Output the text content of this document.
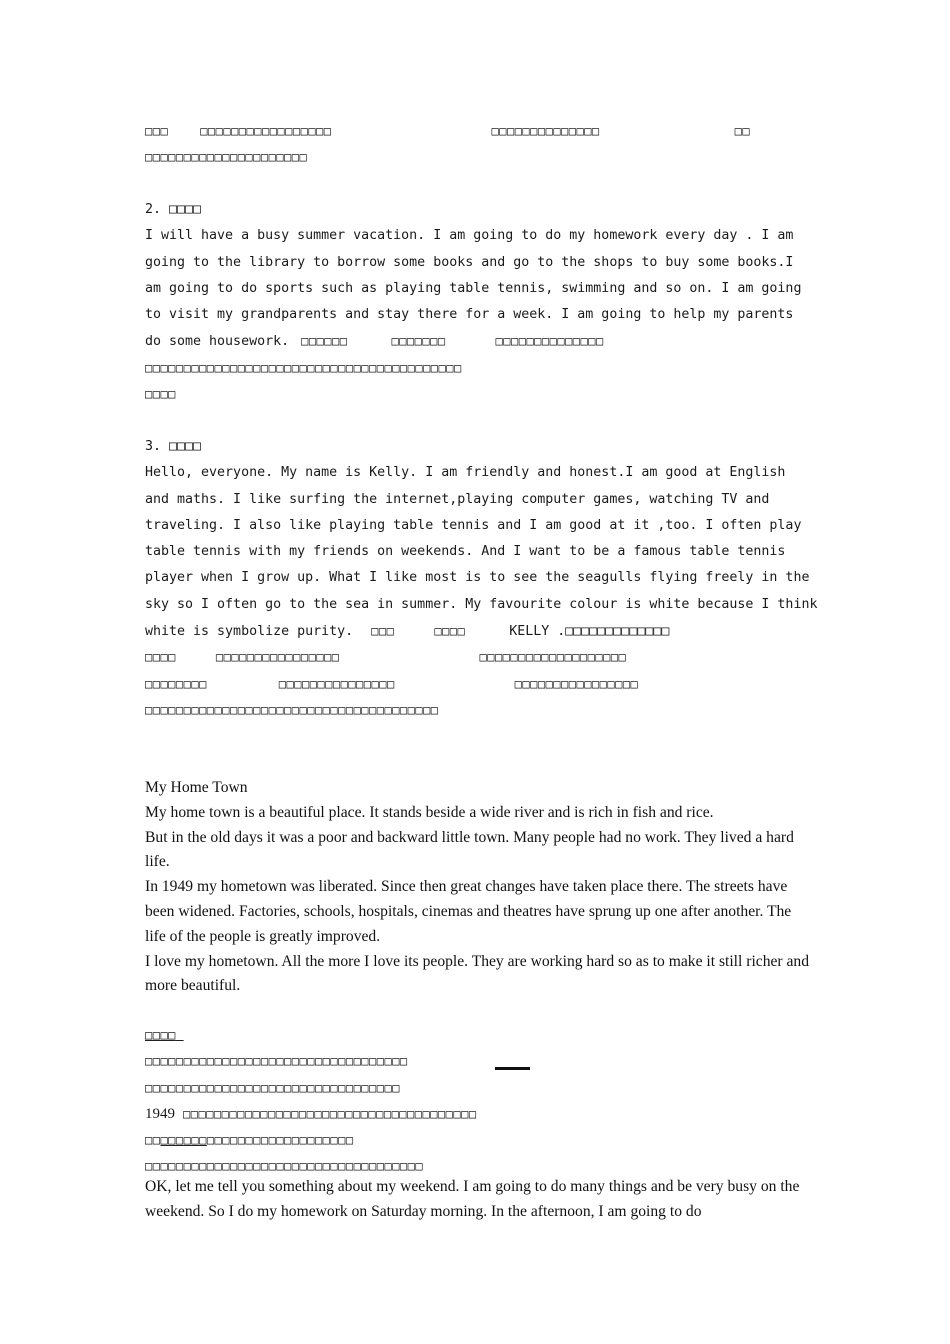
□□□	□□□□□□□□□□□□□□□□□	□□□□□□□□□□□□□□	□□
□□□□□□□□□□□□□□□□□□□□□
2. □□□□
I will have a busy summer vacation. I am going to do my homework every day . I am
going to the library to borrow some books and go to the shops to buy some books.I
am going to do sports such as playing table tennis, swimming and so on. I am going
to visit my grandparents and stay there for a week. I am going to help my parents
do some housework. □□□□□□	□□□□□□□	□□□□□□□□□□□□□□
□□□□□□□□□□□□□□□□□□□□□□□□□□□□□□□□□□□□□□□□□
□□□□
3. □□□□
Hello, everyone. My name is Kelly. I am friendly and honest.I am good at English
and maths. I like surfing the internet,playing computer games, watching TV and
traveling. I also like playing table tennis and I am good at it ,too. I often play
table tennis with my friends on weekends. And I want to be a famous table tennis
player when I grow up. What I like most is to see the seagulls flying freely in the
sky so I often go to the sea in summer. My favourite colour is white because I think
white is symbolize purity. □□□	□□□□	KELLY .□□□□□□□□□□□□□
□□□□	□□□□□□□□□□□□□□□□	□□□□□□□□□□□□□□□□□□□
□□□□□□□□	□□□□□□□□□□□□□□□	□□□□□□□□□□□□□□□□
□□□□□□□□□□□□□□□□□□□□□□□□□□□□□□□□□□□□□□

My Home Town

My home town is a beautiful place. It stands beside a wide river and is rich in fish and rice.

But in the old days it was a poor and backward little town. Many people had no work. They lived a hard life.

In 1949 my hometown was liberated. Since then great changes have taken place there. The streets have been widened. Factories, schools, hospitals, cinemas and theatres have sprung up one after another. The life of the people is greatly improved.

I love my hometown. All the more I love its people. They are working hard so as to make it still richer and more beautiful.

□□□□
□□□□□□□□□□□□□□□□□□□□□□□□□□□□□□□□□□
□□□□□□□□□□□□□□□□□□□□□□□□□□□□□□□□□
1949 □□□□□□□□□□□□□□□□□□□□□□□□□□□□□□□□□□□□□□
□□□□□□□□□□□□□□□□□□□□□□□□□□□
□□□□□□□□□□□□□□□□□□□□□□□□□□□□□□□□□□□□

OK, let me tell you something about my weekend. I am going to do many things and be very busy on the weekend. So I do my homework on Saturday morning. In the afternoon, I am going to do
